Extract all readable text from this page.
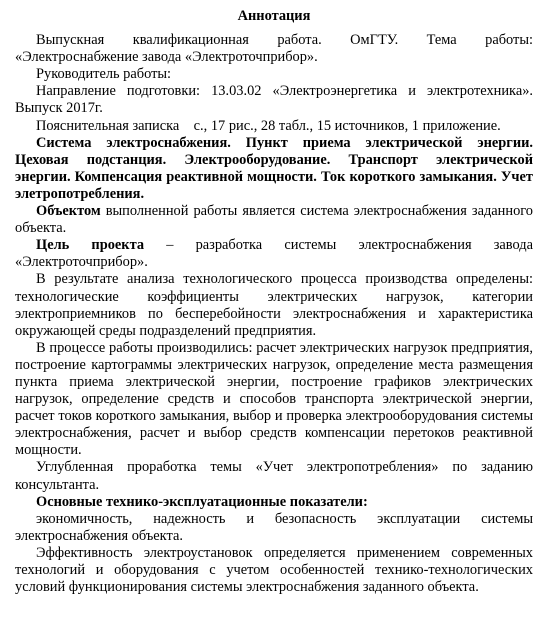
Аннотация

Выпускная квалификационная работа. ОмГТУ. Тема работы: «Электроснабжение завода «Электроточприбор».

Руководитель работы:

Направление подготовки: 13.03.02 «Электроэнергетика и электротехника». Выпуск 2017г.

Пояснительная записка    с., 17 рис., 28 табл., 15 источников, 1 приложение.

Система электроснабжения. Пункт приема электрической энергии. Цеховая подстанция. Электрооборудование. Транспорт электрической энергии. Компенсация реактивной мощности. Ток короткого замыкания. Учет элетропотребления.

Объектом выполненной работы является система электроснабжения заданного объекта.

Цель проекта – разработка системы электроснабжения завода «Электроточприбор».

В результате анализа технологического процесса производства определены: технологические коэффициенты электрических нагрузок, категории электроприемников по бесперебойности электроснабжения и характеристика окружающей среды подразделений предприятия.

В процессе работы производились: расчет электрических нагрузок предприятия, построение картограммы электрических нагрузок, определение места размещения пункта приема электрической энергии, построение графиков электрических нагрузок, определение средств и способов транспорта электрической энергии, расчет токов короткого замыкания, выбор и проверка электрооборудования системы электроснабжения, расчет и выбор средств компенсации перетоков реактивной мощности.

Углубленная проработка темы «Учет электропотребления» по заданию консультанта.

Основные технико-эксплуатационные показатели:

экономичность, надежность и безопасность эксплуатации системы электроснабжения объекта.

Эффективность электроустановок определяется применением современных технологий и оборудования с учетом особенностей технико-технологических условий функционирования системы электроснабжения заданного объекта.
